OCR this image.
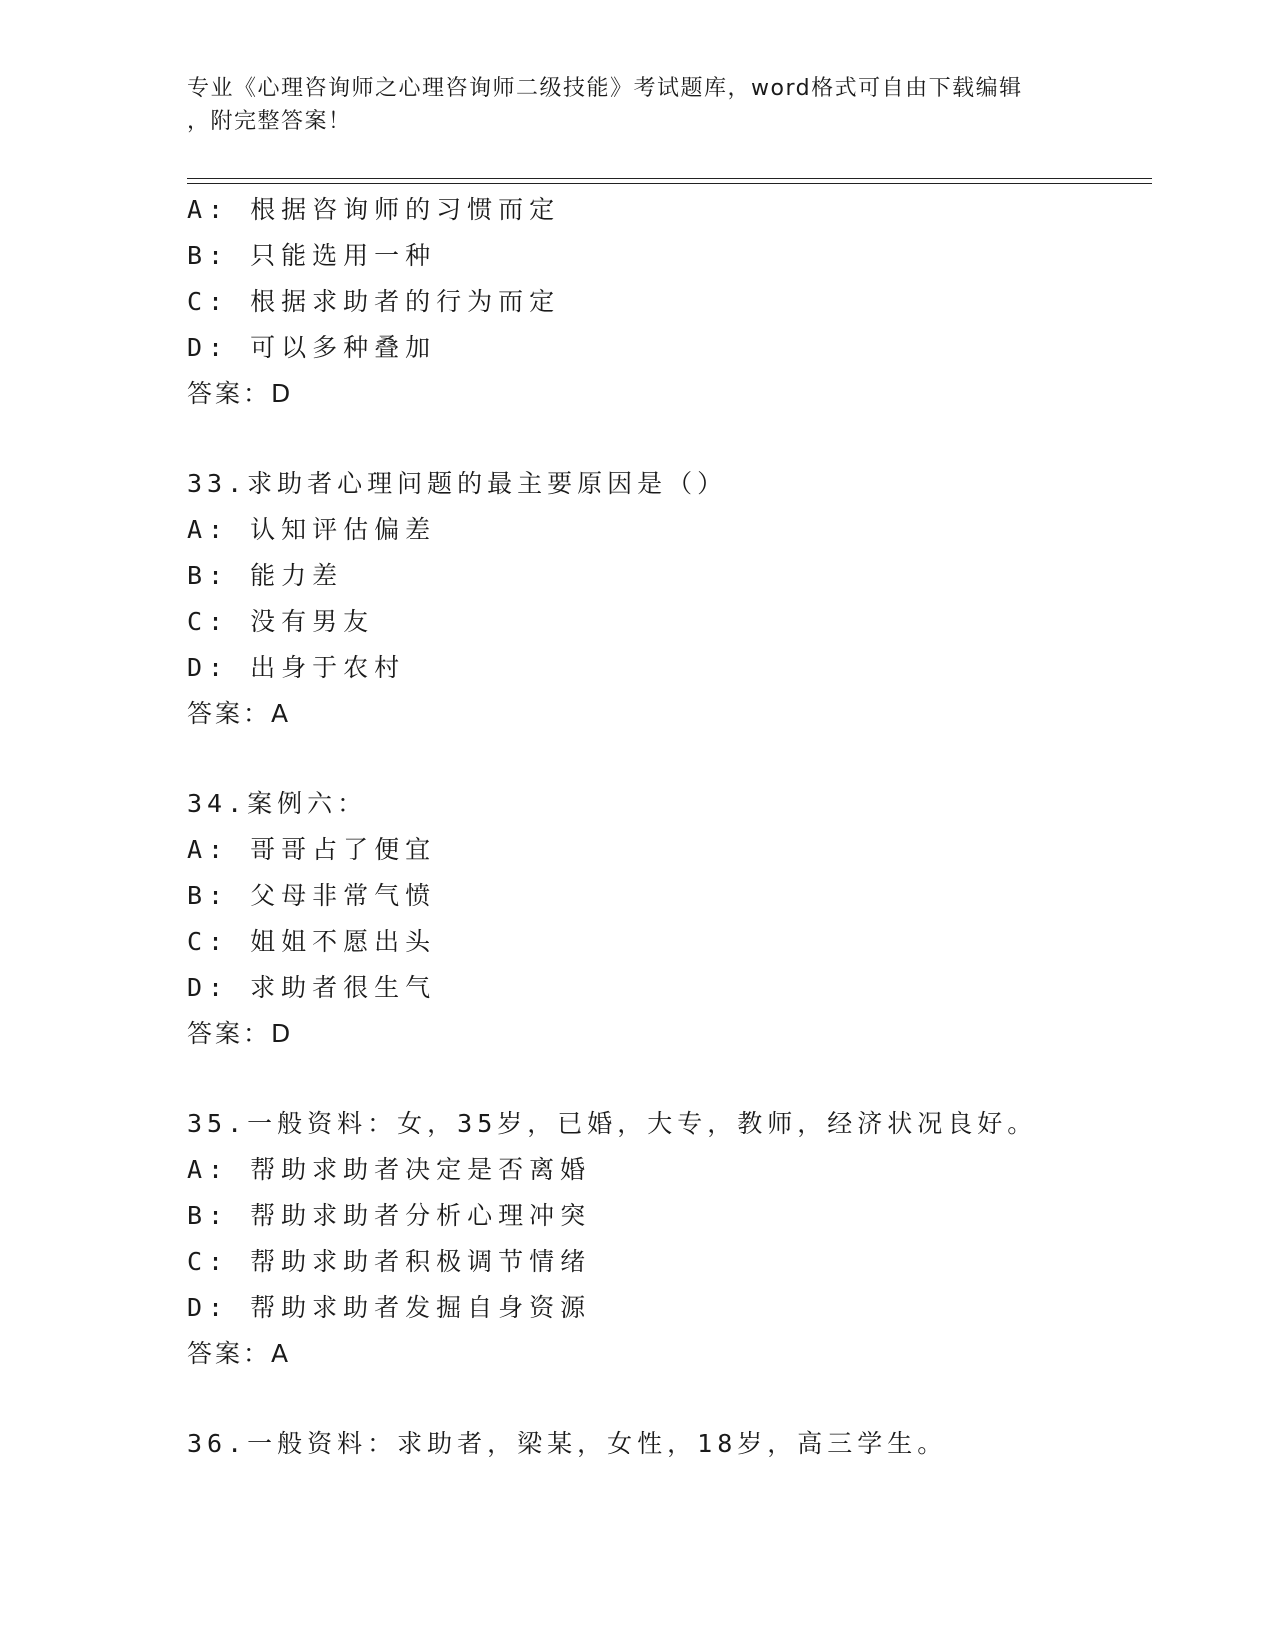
专业《心理咨询师之心理咨询师二级技能》考试题库，word格式可自由下载编辑
，附完整答案！
A: 根据咨询师的习惯而定
B: 只能选用一种
C: 根据求助者的行为而定
D: 可以多种叠加
答案：D
33.求助者心理问题的最主要原因是（）
A: 认知评估偏差
B: 能力差
C: 没有男友
D: 出身于农村
答案：A
34.案例六：
A: 哥哥占了便宜
B: 父母非常气愤
C: 姐姐不愿出头
D: 求助者很生气
答案：D
35.一般资料：女，35岁，已婚，大专，教师，经济状况良好。
A: 帮助求助者决定是否离婚
B: 帮助求助者分析心理冲突
C: 帮助求助者积极调节情绪
D: 帮助求助者发掘自身资源
答案：A
36.一般资料：求助者，梁某，女性，18岁，高三学生。
